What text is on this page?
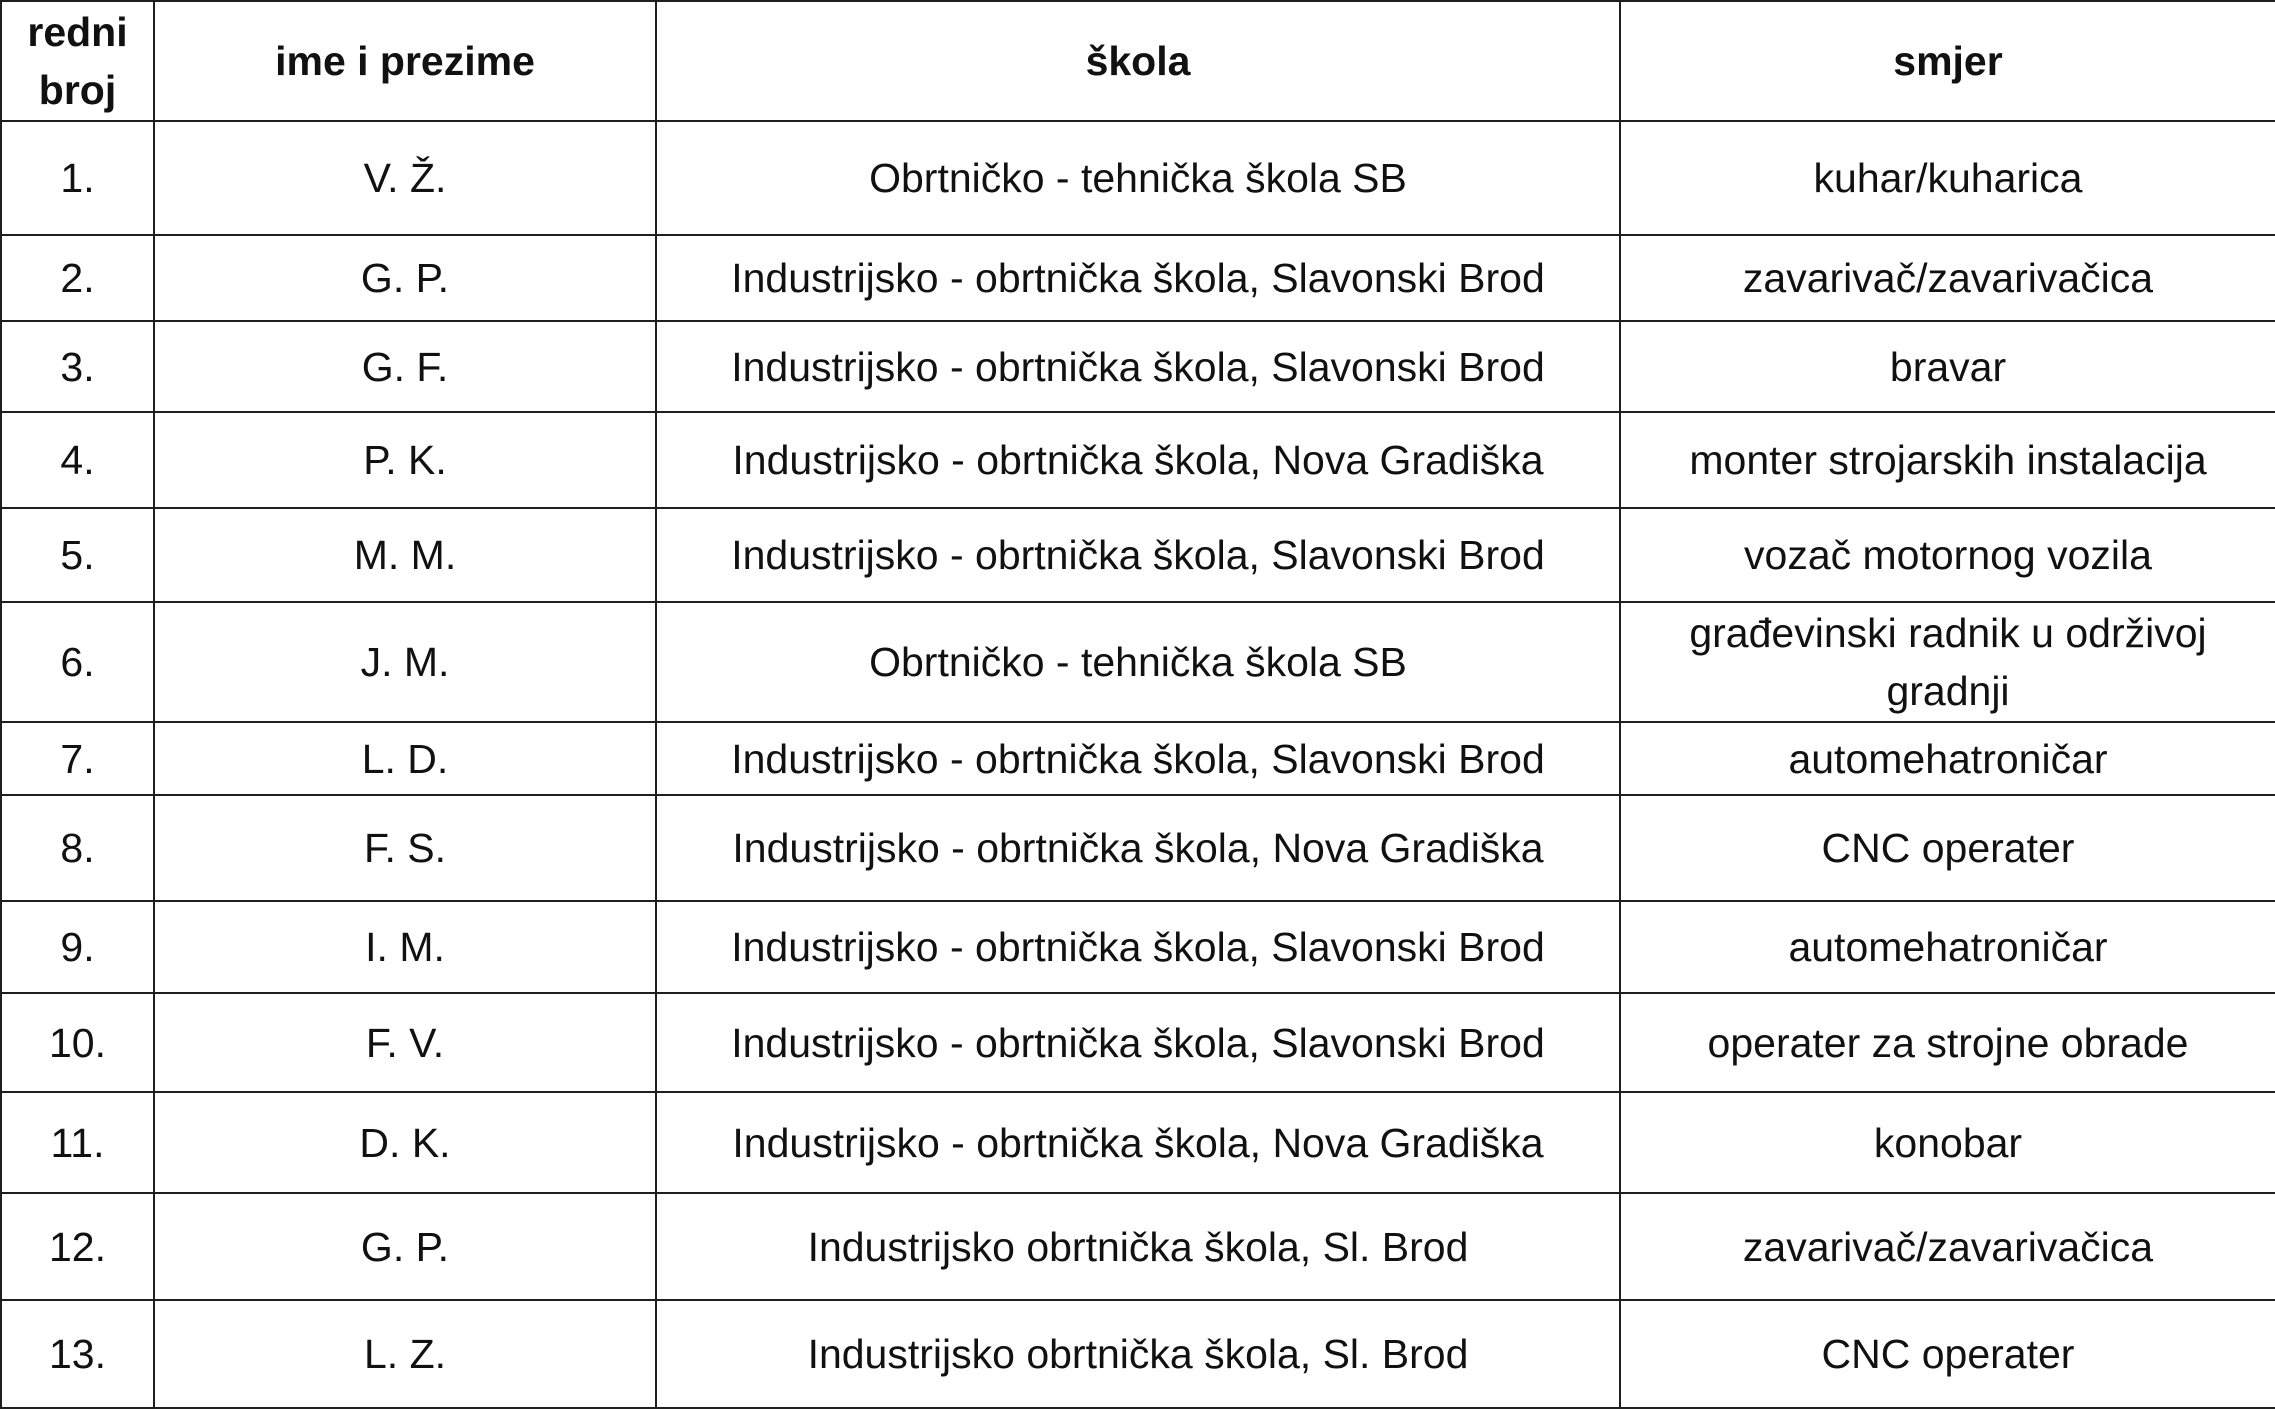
redni
broj	ime i prezime	škola	smjer
1.	V. Ž.	Obrtničko - tehnička škola SB	kuhar/kuharica
2.	G. P.	Industrijsko - obrtnička škola, Slavonski Brod	zavarivač/zavarivačica
3.	G. F.	Industrijsko - obrtnička škola, Slavonski Brod	bravar
4.	P. K.	Industrijsko - obrtnička škola, Nova Gradiška	monter strojarskih instalacija
5.	M. M.	Industrijsko - obrtnička škola, Slavonski Brod	vozač motornog vozila
6.	J. M.	Obrtničko - tehnička škola SB	građevinski radnik u održivoj gradnji
7.	L. D.	Industrijsko - obrtnička škola, Slavonski Brod	automehatroničar
8.	F. S.	Industrijsko - obrtnička škola, Nova Gradiška	CNC operater
9.	I. M.	Industrijsko - obrtnička škola, Slavonski Brod	automehatroničar
10.	F. V.	Industrijsko - obrtnička škola, Slavonski Brod	operater za strojne obrade
11.	D. K.	Industrijsko - obrtnička škola, Nova Gradiška	konobar
12.	G. P.	Industrijsko obrtnička škola, Sl. Brod	zavarivač/zavarivačica
13.	L. Z.	Industrijsko obrtnička škola, Sl. Brod	CNC operater
